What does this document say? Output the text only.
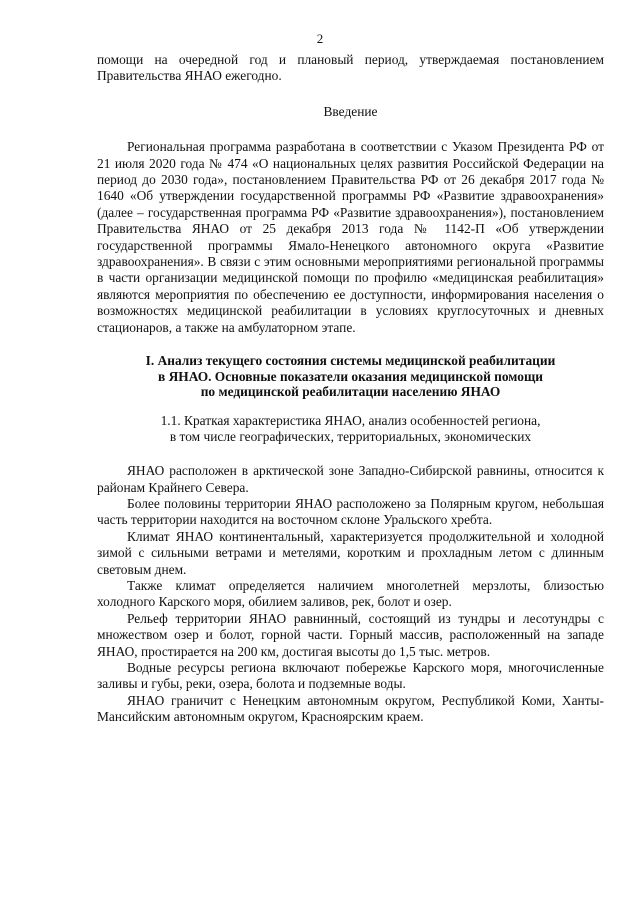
2

помощи на очередной год и плановый период, утверждаемая постановлением Правительства ЯНАО ежегодно.

Введение

Региональная программа разработана в соответствии с Указом Президента РФ от 21 июля 2020 года № 474 «О национальных целях развития Российской Федерации на период до 2030 года», постановлением Правительства РФ от 26 декабря 2017 года № 1640 «Об утверждении государственной программы РФ «Развитие здравоохранения» (далее – государственная программа РФ «Развитие здравоохранения»), постановлением Правительства ЯНАО от 25 декабря 2013 года № 1142-П «Об утверждении государственной программы Ямало-Ненецкого автономного округа «Развитие здравоохранения». В связи с этим основными мероприятиями региональной программы в части организации медицинской помощи по профилю «медицинская реабилитация» являются мероприятия по обеспечению ее доступности, информирования населения о возможностях медицинской реабилитации в условиях круглосуточных и дневных стационаров, а также на амбулаторном этапе.

I. Анализ текущего состояния системы медицинской реабилитации
в ЯНАО. Основные показатели оказания медицинской помощи
по медицинской реабилитации населению ЯНАО
1.1. Краткая характеристика ЯНАО, анализ особенностей региона,
в том числе географических, территориальных, экономических

ЯНАО расположен в арктической зоне Западно-Сибирской равнины, относится к районам Крайнего Севера.

Более половины территории ЯНАО расположено за Полярным кругом, небольшая часть территории находится на восточном склоне Уральского хребта.

Климат ЯНАО континентальный, характеризуется продолжительной и холодной зимой с сильными ветрами и метелями, коротким и прохладным летом с длинным световым днем.

Также климат определяется наличием многолетней мерзлоты, близостью холодного Карского моря, обилием заливов, рек, болот и озер.

Рельеф территории ЯНАО равнинный, состоящий из тундры и лесотундры с множеством озер и болот, горной части. Горный массив, расположенный на западе ЯНАО, простирается на 200 км, достигая высоты до 1,5 тыс. метров.

Водные ресурсы региона включают побережье Карского моря, многочисленные заливы и губы, реки, озера, болота и подземные воды.

ЯНАО граничит с Ненецким автономным округом, Республикой Коми, Ханты-Мансийским автономным округом, Красноярским краем.
